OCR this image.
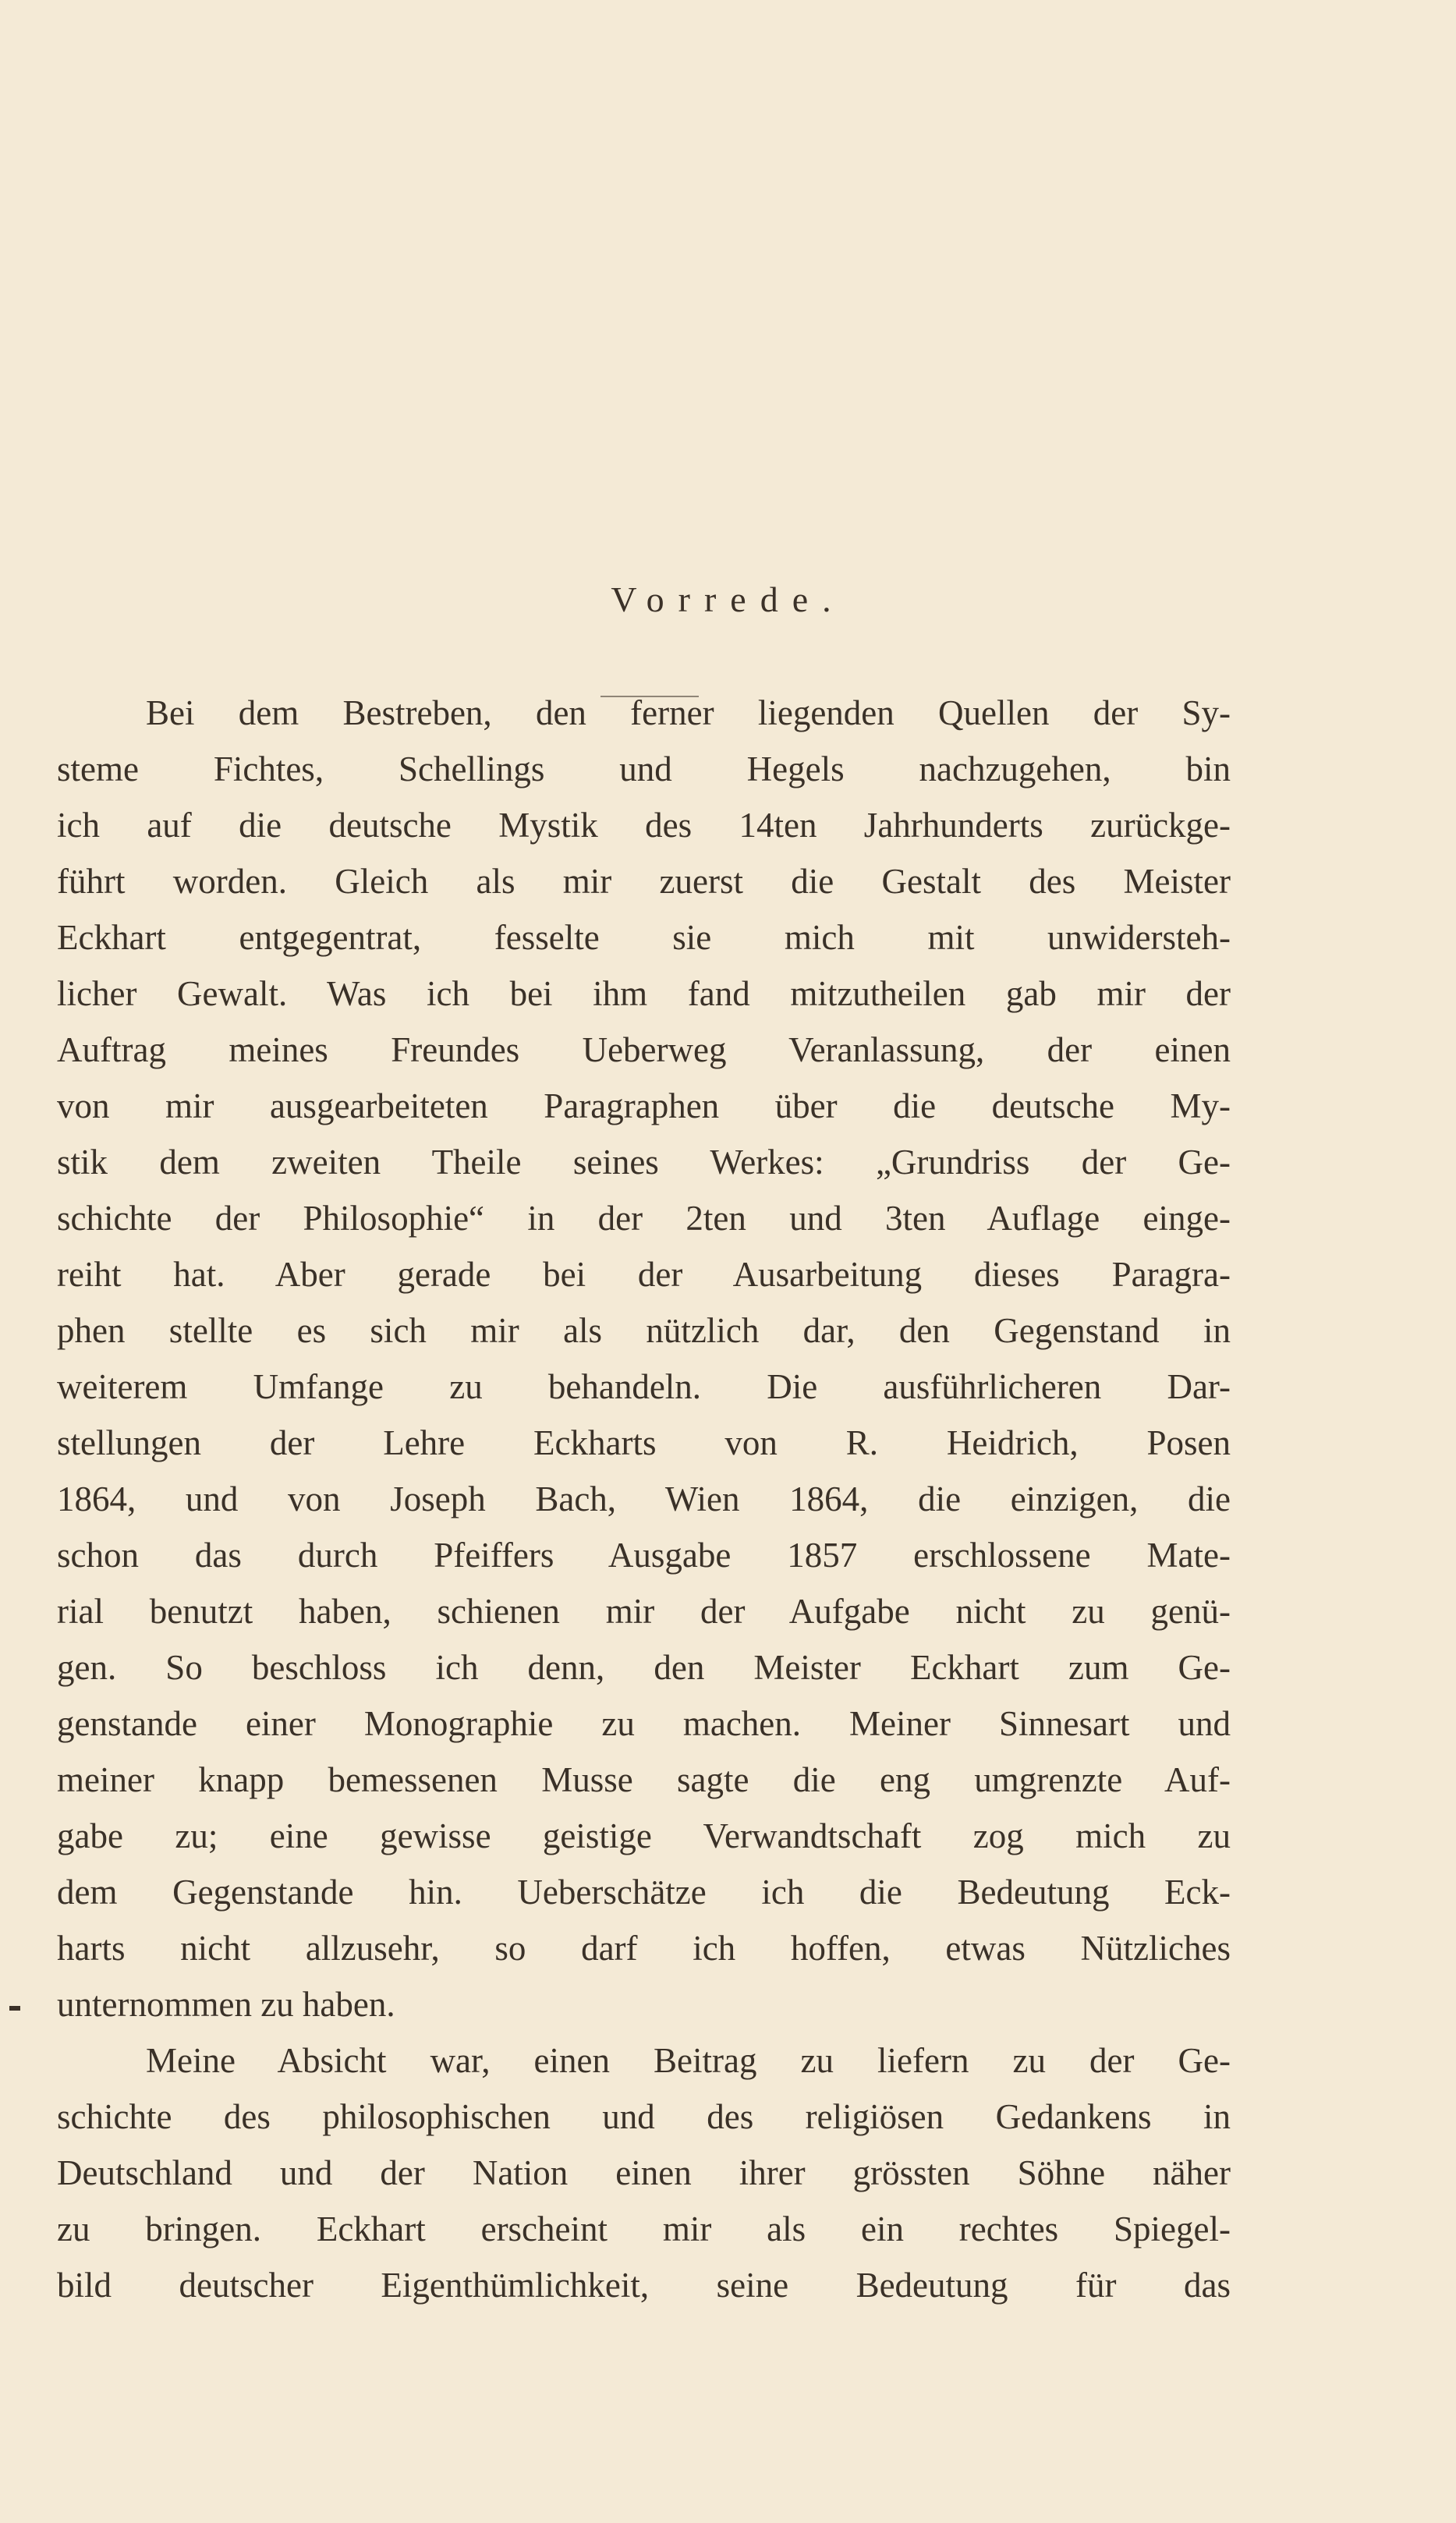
Vorrede.
Bei dem Bestreben, den ferner liegenden Quellen der Sy-
steme Fichtes, Schellings und Hegels nachzugehen, bin
ich auf die deutsche Mystik des 14ten Jahrhunderts zurückge-
führt worden. Gleich als mir zuerst die Gestalt des Meister
Eckhart entgegentrat, fesselte sie mich mit unwidersteh-
licher Gewalt. Was ich bei ihm fand mitzutheilen gab mir der
Auftrag meines Freundes Ueberweg Veranlassung, der einen
von mir ausgearbeiteten Paragraphen über die deutsche My-
stik dem zweiten Theile seines Werkes: „Grundriss der Ge-
schichte der Philosophie“ in der 2ten und 3ten Auflage einge-
reiht hat. Aber gerade bei der Ausarbeitung dieses Paragra-
phen stellte es sich mir als nützlich dar, den Gegenstand in
weiterem Umfange zu behandeln. Die ausführlicheren Dar-
stellungen der Lehre Eckharts von R. Heidrich, Posen
1864, und von Joseph Bach, Wien 1864, die einzigen, die
schon das durch Pfeiffers Ausgabe 1857 erschlossene Mate-
rial benutzt haben, schienen mir der Aufgabe nicht zu genü-
gen. So beschloss ich denn, den Meister Eckhart zum Ge-
genstande einer Monographie zu machen. Meiner Sinnesart und
meiner knapp bemessenen Musse sagte die eng umgrenzte Auf-
gabe zu; eine gewisse geistige Verwandtschaft zog mich zu
dem Gegenstande hin. Ueberschätze ich die Bedeutung Eck-
harts nicht allzusehr, so darf ich hoffen, etwas Nützliches
unternommen zu haben.
Meine Absicht war, einen Beitrag zu liefern zu der Ge-
schichte des philosophischen und des religiösen Gedankens in
Deutschland und der Nation einen ihrer grössten Söhne näher
zu bringen. Eckhart erscheint mir als ein rechtes Spiegel-
bild deutscher Eigenthümlichkeit, seine Bedeutung für das
